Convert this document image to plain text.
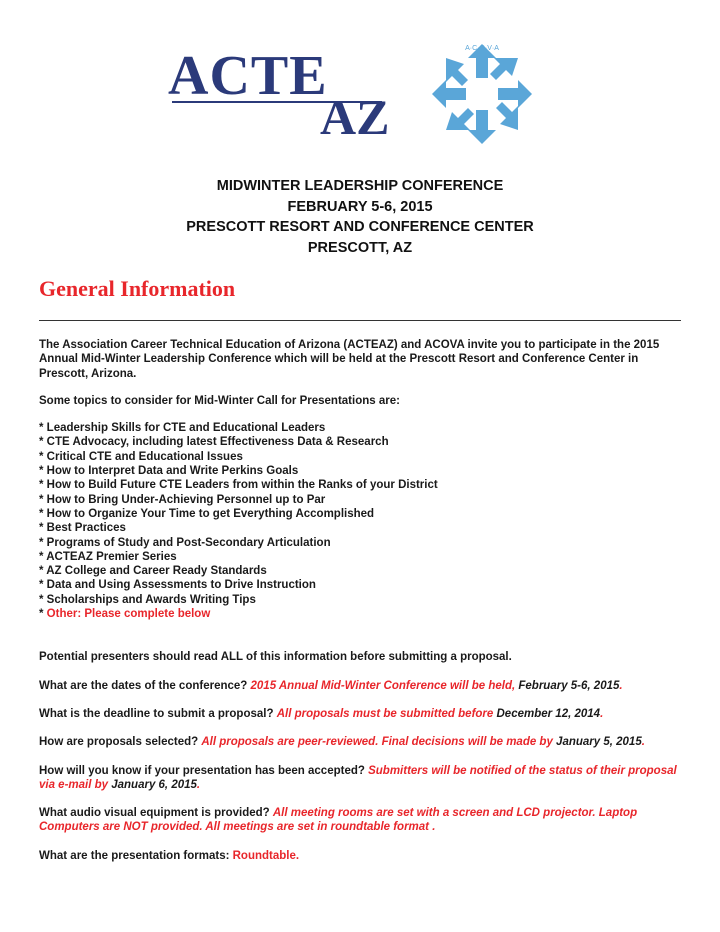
ACTE
AZ
A·C·O·V·A
MIDWINTER LEADERSHIP CONFERENCE
FEBRUARY 5-6, 2015
PRESCOTT RESORT AND CONFERENCE CENTER
PRESCOTT, AZ
General Information

The Association Career Technical Education of Arizona (ACTEAZ) and ACOVA invite you to participate in the 2015 Annual Mid-Winter Leadership Conference which will be held at the Prescott Resort and Conference Center in Prescott, Arizona.

Some topics to consider for Mid-Winter Call for Presentations are:

* Leadership Skills for CTE and Educational Leaders
* CTE Advocacy, including latest Effectiveness Data & Research
* Critical CTE and Educational Issues
* How to Interpret Data and Write Perkins Goals
* How to Build Future CTE Leaders from within the Ranks of your District
* How to Bring Under-Achieving Personnel up to Par
* How to Organize Your Time to get Everything Accomplished
* Best Practices
* Programs of Study and Post-Secondary Articulation
* ACTEAZ Premier Series
* AZ College and Career Ready Standards
* Data and Using Assessments to Drive Instruction
* Scholarships and Awards Writing Tips
* Other: Please complete below

Potential presenters should read ALL of this information before submitting a proposal.

What are the dates of the conference? 2015 Annual Mid-Winter Conference will be held, February 5-6, 2015.

What is the deadline to submit a proposal? All proposals must be submitted before December 12, 2014.

How are proposals selected? All proposals are peer-reviewed. Final decisions will be made by January 5, 2015.

How will you know if your presentation has been accepted? Submitters will be notified of the status of their proposal via e-mail by January 6, 2015.

What audio visual equipment is provided? All meeting rooms are set with a screen and LCD projector. Laptop Computers are NOT provided. All meetings are set in roundtable format .

What are the presentation formats: Roundtable.
